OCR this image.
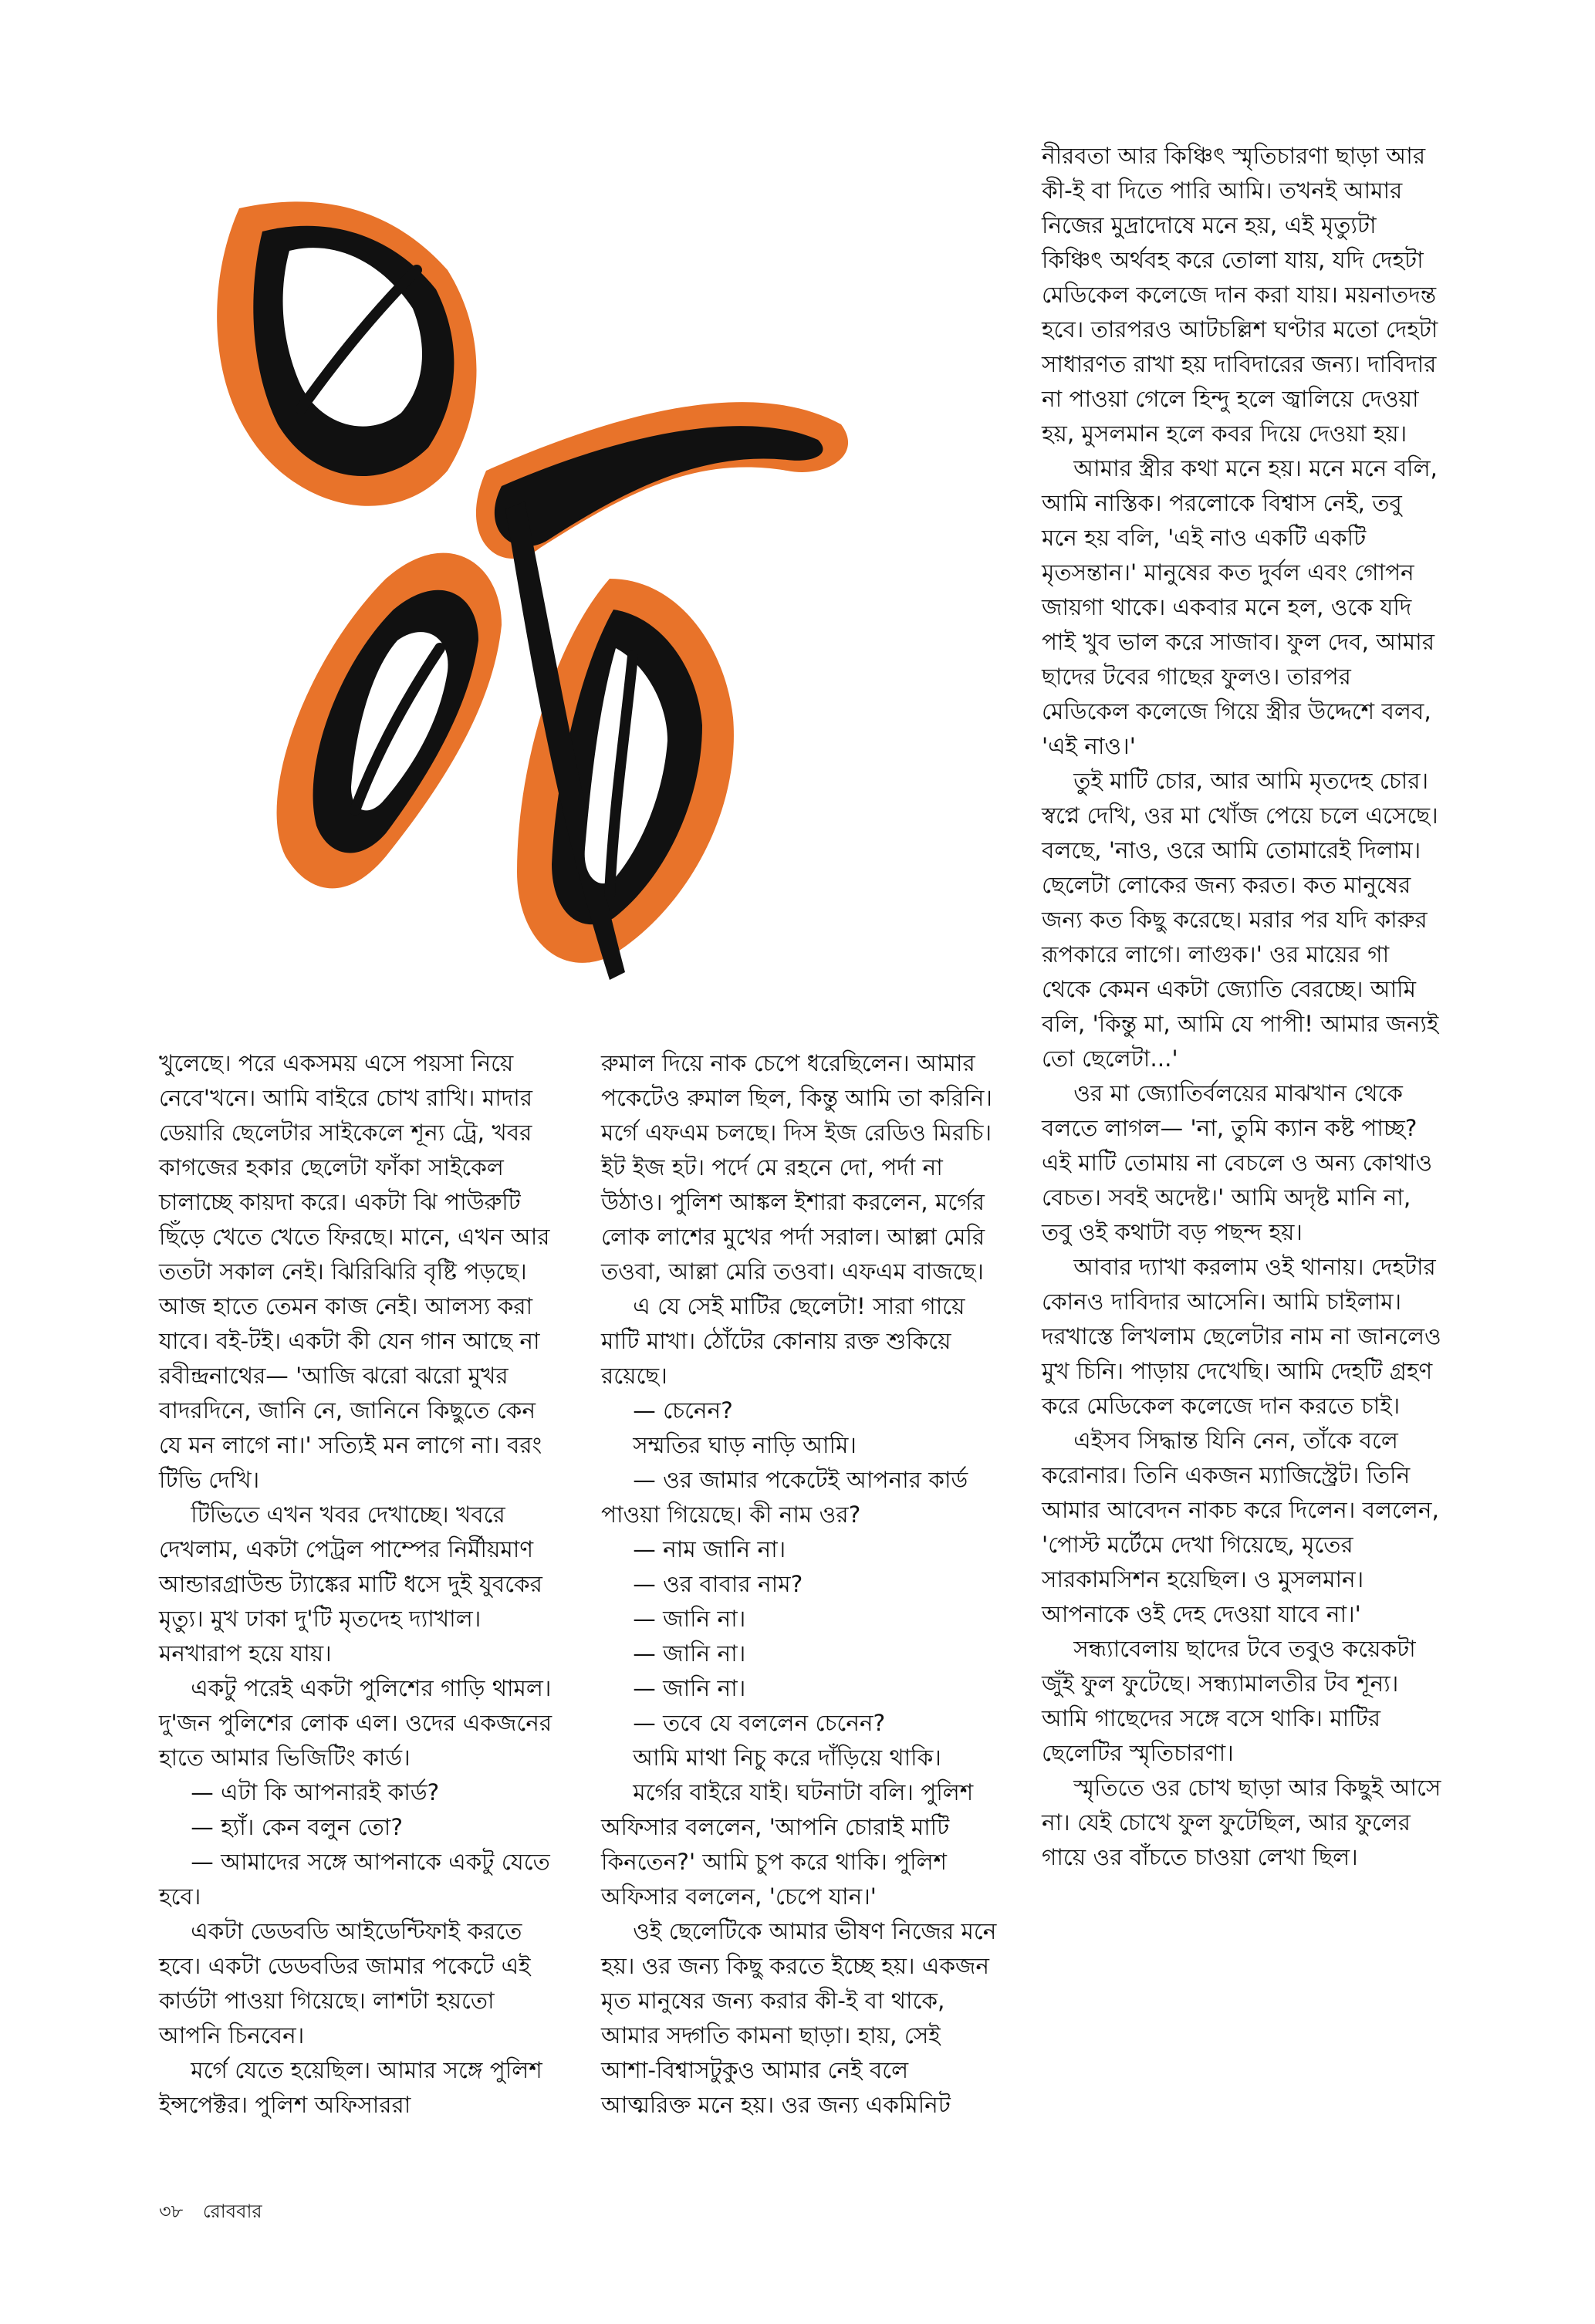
খুলেছে। পরে একসময় এসে পয়সা নিয়ে নেবে'খনে। আমি বাইরে চোখ রাখি। মাদার ডেয়ারি ছেলেটার সাইকেলে শূন্য ট্রে, খবর কাগজের হকার ছেলেটা ফাঁকা সাইকেল চালাচ্ছে কায়দা করে। একটা ঝি পাউরুটি ছিঁড়ে খেতে খেতে ফিরছে। মানে, এখন আর ততটা সকাল নেই। ঝিরিঝিরি বৃষ্টি পড়ছে। আজ হাতে তেমন কাজ নেই। আলস্য করা যাবে। বই-টই। একটা কী যেন গান আছে না রবীন্দ্রনাথের— 'আজি ঝরো ঝরো মুখর বাদরদিনে, জানি নে, জানিনে কিছুতে কেন যে মন লাগে না।' সত্যিই মন লাগে না। বরং টিভি দেখি।

টিভিতে এখন খবর দেখাচ্ছে। খবরে দেখলাম, একটা পেট্রল পাম্পের নির্মীয়মাণ আন্ডারগ্রাউন্ড ট্যাঙ্কের মাটি ধসে দুই যুবকের মৃত্যু। মুখ ঢাকা দু'টি মৃতদেহ দ্যাখাল। মনখারাপ হয়ে যায়।

একটু পরেই একটা পুলিশের গাড়ি থামল। দু'জন পুলিশের লোক এল। ওদের একজনের হাতে আমার ভিজিটিং কার্ড।

— এটা কি আপনারই কার্ড?

— হ্যাঁ। কেন বলুন তো?

— আমাদের সঙ্গে আপনাকে একটু যেতে হবে।

একটা ডেডবডি আইডেন্টিফাই করতে হবে। একটা ডেডবডির জামার পকেটে এই কার্ডটা পাওয়া গিয়েছে। লাশটা হয়তো আপনি চিনবেন।

মর্গে যেতে হয়েছিল। আমার সঙ্গে পুলিশ ইন্সপেক্টর। পুলিশ অফিসাররা

রুমাল দিয়ে নাক চেপে ধরেছিলেন। আমার পকেটেও রুমাল ছিল, কিন্তু আমি তা করিনি। মর্গে এফএম চলছে। দিস ইজ রেডিও মিরচি। ইট ইজ হট। পর্দে মে রহনে দো, পর্দা না উঠাও। পুলিশ আঙ্কল ইশারা করলেন, মর্গের লোক লাশের মুখের পর্দা সরাল। আল্লা মেরি তওবা, আল্লা মেরি তওবা। এফএম বাজছে।

এ যে সেই মাটির ছেলেটা! সারা গায়ে মাটি মাখা। ঠোঁটের কোনায় রক্ত শুকিয়ে রয়েছে।

— চেনেন?

সম্মতির ঘাড় নাড়ি আমি।

— ওর জামার পকেটেই আপনার কার্ড পাওয়া গিয়েছে। কী নাম ওর?

— নাম জানি না।

— ওর বাবার নাম?

— জানি না।

— জানি না।

— জানি না।

— তবে যে বললেন চেনেন?

আমি মাথা নিচু করে দাঁড়িয়ে থাকি।

মর্গের বাইরে যাই। ঘটনাটা বলি। পুলিশ অফিসার বললেন, 'আপনি চোরাই মাটি কিনতেন?' আমি চুপ করে থাকি। পুলিশ অফিসার বললেন, 'চেপে যান।'

ওই ছেলেটিকে আমার ভীষণ নিজের মনে হয়। ওর জন্য কিছু করতে ইচ্ছে হয়। একজন মৃত মানুষের জন্য করার কী-ই বা থাকে, আমার সদ্গতি কামনা ছাড়া। হায়, সেই আশা-বিশ্বাসটুকুও আমার নেই বলে আত্মরিক্ত মনে হয়। ওর জন্য একমিনিট

নীরবতা আর কিঞ্চিৎ স্মৃতিচারণা ছাড়া আর কী-ই বা দিতে পারি আমি। তখনই আমার নিজের মুদ্রাদোষে মনে হয়, এই মৃত্যুটা কিঞ্চিৎ অর্থবহ করে তোলা যায়, যদি দেহটা মেডিকেল কলেজে দান করা যায়। ময়নাতদন্ত হবে। তারপরও আটচল্লিশ ঘণ্টার মতো দেহটা সাধারণত রাখা হয় দাবিদারের জন্য। দাবিদার না পাওয়া গেলে হিন্দু হলে জ্বালিয়ে দেওয়া হয়, মুসলমান হলে কবর দিয়ে দেওয়া হয়।

আমার স্ত্রীর কথা মনে হয়। মনে মনে বলি, আমি নাস্তিক। পরলোকে বিশ্বাস নেই, তবু মনে হয় বলি, 'এই নাও একটি একটি মৃতসন্তান।' মানুষের কত দুর্বল এবং গোপন জায়গা থাকে। একবার মনে হল, ওকে যদি পাই খুব ভাল করে সাজাব। ফুল দেব, আমার ছাদের টবের গাছের ফুলও। তারপর মেডিকেল কলেজে গিয়ে স্ত্রীর উদ্দেশে বলব, 'এই নাও।'

তুই মাটি চোর, আর আমি মৃতদেহ চোর। স্বপ্নে দেখি, ওর মা খোঁজ পেয়ে চলে এসেছে। বলছে, 'নাও, ওরে আমি তোমারেই দিলাম। ছেলেটা লোকের জন্য করত। কত মানুষের জন্য কত কিছু করেছে। মরার পর যদি কারুর রূপকারে লাগে। লাগুক।' ওর মায়ের গা থেকে কেমন একটা জ্যোতি বেরচ্ছে। আমি বলি, 'কিন্তু মা, আমি যে পাপী! আমার জন্যই তো ছেলেটা...'

ওর মা জ্যোতির্বলয়ের মাঝখান থেকে বলতে লাগল— 'না, তুমি ক্যান কষ্ট পাচ্ছ? এই মাটি তোমায় না বেচলে ও অন্য কোথাও বেচত। সবই অদেষ্ট।' আমি অদৃষ্ট মানি না, তবু ওই কথাটা বড় পছন্দ হয়।

আবার দ্যাখা করলাম ওই থানায়। দেহটার কোনও দাবিদার আসেনি। আমি চাইলাম। দরখাস্তে লিখলাম ছেলেটার নাম না জানলেও মুখ চিনি। পাড়ায় দেখেছি। আমি দেহটি গ্রহণ করে মেডিকেল কলেজে দান করতে চাই।

এইসব সিদ্ধান্ত যিনি নেন, তাঁকে বলে করোনার। তিনি একজন ম্যাজিস্ট্রেট। তিনি আমার আবেদন নাকচ করে দিলেন। বললেন, 'পোস্ট মর্টেমে দেখা গিয়েছে, মৃতের সারকামসিশন হয়েছিল। ও মুসলমান। আপনাকে ওই দেহ দেওয়া যাবে না।'

সন্ধ্যাবেলায় ছাদের টবে তবুও কয়েকটা জুঁই ফুল ফুটেছে। সন্ধ্যামালতীর টব শূন্য। আমি গাছেদের সঙ্গে বসে থাকি। মাটির ছেলেটির স্মৃতিচারণা।

স্মৃতিতে ওর চোখ ছাড়া আর কিছুই আসে না। যেই চোখে ফুল ফুটেছিল, আর ফুলের গায়ে ওর বাঁচতে চাওয়া লেখা ছিল।

৩৮ রোববার
